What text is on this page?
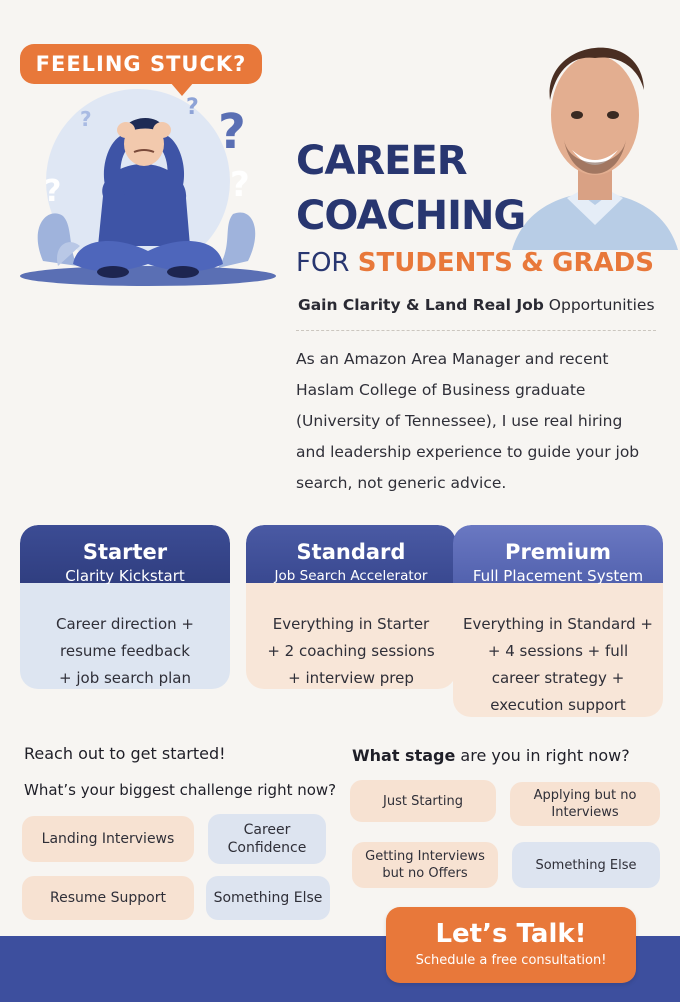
FEELING STUCK?
?
?
?
?	?
CAREER
COACHING
FOR STUDENTS & GRADS
Gain Clarity & Land Real Job Opportunities
As an Amazon Area Manager and recent Haslam College of Business graduate (University of Tennessee), I use real hiring and leadership experience to guide your job search, not generic advice.
Starter
Clarity Kickstart
Career direction +
resume feedback
+ job search plan
Standard
Job Search Accelerator
Everything in Starter
+ 2 coaching sessions
+ interview prep
Premium
Full Placement System
Everything in Standard +
+ 4 sessions + full
career strategy +
execution support
Reach out to get started!
What’s your biggest challenge right now?
Landing Interviews
Career Confidence
Resume Support	Something Else
What stage are you in right now?
Just Starting	Applying but no Interviews
Getting Interviews but no Offers
Something Else
Let’s Talk!
Schedule a free consultation!
